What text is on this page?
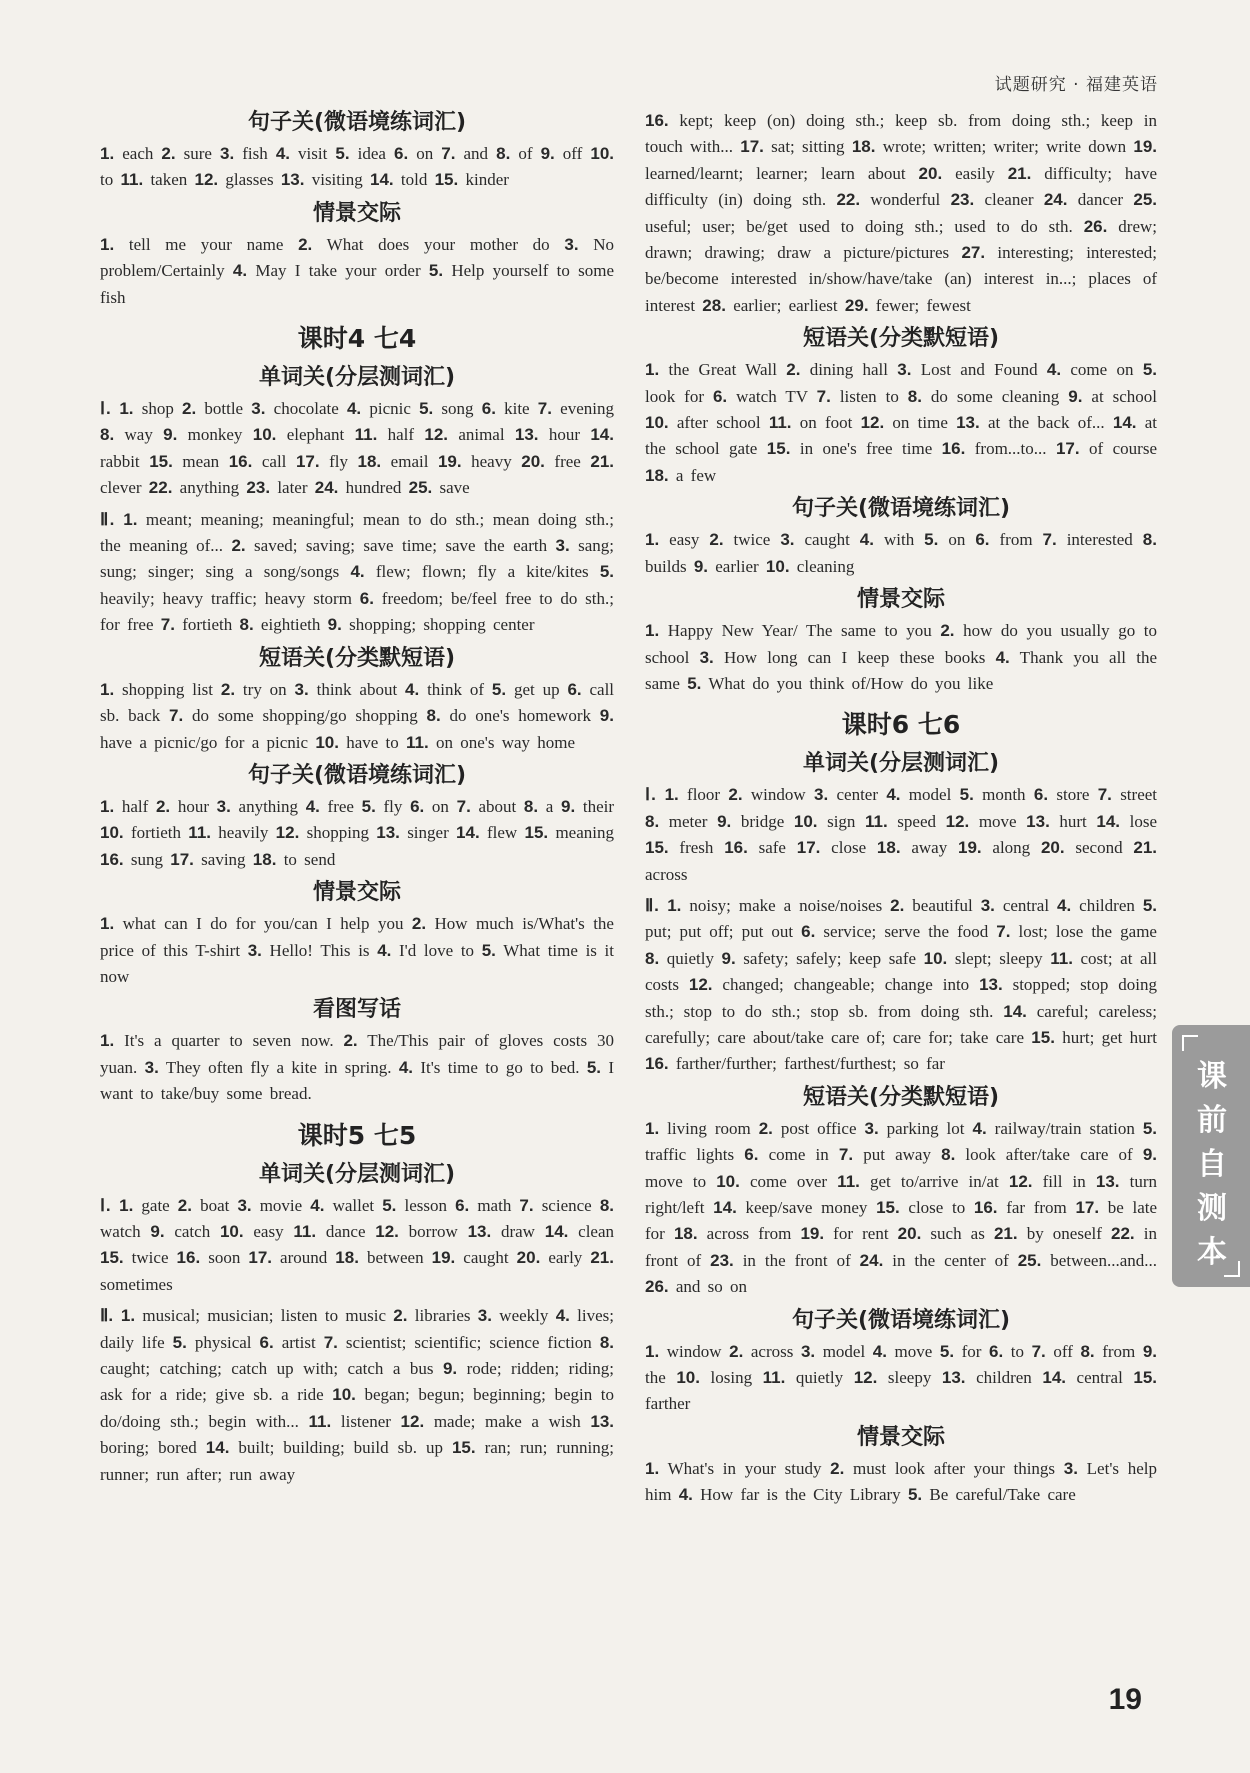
试题研究 · 福建英语
句子关(微语境练词汇)
1. each 2. sure 3. fish 4. visit 5. idea 6. on 7. and 8. of 9. off 10. to 11. taken 12. glasses 13. visiting 14. told 15. kinder
情景交际
1. tell me your name 2. What does your mother do 3. No problem/Certainly 4. May I take your order 5. Help yourself to some fish
课时4 七4
单词关(分层测词汇)
Ⅰ. 1. shop 2. bottle 3. chocolate 4. picnic 5. song 6. kite 7. evening 8. way 9. monkey 10. elephant 11. half 12. animal 13. hour 14. rabbit 15. mean 16. call 17. fly 18. email 19. heavy 20. free 21. clever 22. anything 23. later 24. hundred 25. save
Ⅱ. 1. meant; meaning; meaningful; mean to do sth.; mean doing sth.; the meaning of... 2. saved; saving; save time; save the earth 3. sang; sung; singer; sing a song/songs 4. flew; flown; fly a kite/kites 5. heavily; heavy traffic; heavy storm 6. freedom; be/feel free to do sth.; for free 7. fortieth 8. eightieth 9. shopping; shopping center
短语关(分类默短语)
1. shopping list 2. try on 3. think about 4. think of 5. get up 6. call sb. back 7. do some shopping/go shopping 8. do one's homework 9. have a picnic/go for a picnic 10. have to 11. on one's way home
句子关(微语境练词汇)
1. half 2. hour 3. anything 4. free 5. fly 6. on 7. about 8. a 9. their 10. fortieth 11. heavily 12. shopping 13. singer 14. flew 15. meaning 16. sung 17. saving 18. to send
情景交际
1. what can I do for you/can I help you 2. How much is/What's the price of this T-shirt 3. Hello! This is 4. I'd love to 5. What time is it now
看图写话
1. It's a quarter to seven now. 2. The/This pair of gloves costs 30 yuan. 3. They often fly a kite in spring. 4. It's time to go to bed. 5. I want to take/buy some bread.
课时5 七5
单词关(分层测词汇)
Ⅰ. 1. gate 2. boat 3. movie 4. wallet 5. lesson 6. math 7. science 8. watch 9. catch 10. easy 11. dance 12. borrow 13. draw 14. clean 15. twice 16. soon 17. around 18. between 19. caught 20. early 21. sometimes
Ⅱ. 1. musical; musician; listen to music 2. libraries 3. weekly 4. lives; daily life 5. physical 6. artist 7. scientist; scientific; science fiction 8. caught; catching; catch up with; catch a bus 9. rode; ridden; riding; ask for a ride; give sb. a ride 10. began; begun; beginning; begin to do/doing sth.; begin with... 11. listener 12. made; make a wish 13. boring; bored 14. built; building; build sb. up 15. ran; run; running; runner; run after; run away
16. kept; keep (on) doing sth.; keep sb. from doing sth.; keep in touch with... 17. sat; sitting 18. wrote; written; writer; write down 19. learned/learnt; learner; learn about 20. easily 21. difficulty; have difficulty (in) doing sth. 22. wonderful 23. cleaner 24. dancer 25. useful; user; be/get used to doing sth.; used to do sth. 26. drew; drawn; drawing; draw a picture/pictures 27. interesting; interested; be/become interested in/show/have/take (an) interest in...; places of interest 28. earlier; earliest 29. fewer; fewest
短语关(分类默短语)
1. the Great Wall 2. dining hall 3. Lost and Found 4. come on 5. look for 6. watch TV 7. listen to 8. do some cleaning 9. at school 10. after school 11. on foot 12. on time 13. at the back of... 14. at the school gate 15. in one's free time 16. from...to... 17. of course 18. a few
句子关(微语境练词汇)
1. easy 2. twice 3. caught 4. with 5. on 6. from 7. interested 8. builds 9. earlier 10. cleaning
情景交际
1. Happy New Year/ The same to you 2. how do you usually go to school 3. How long can I keep these books 4. Thank you all the same 5. What do you think of/How do you like
课时6 七6
单词关(分层测词汇)
Ⅰ. 1. floor 2. window 3. center 4. model 5. month 6. store 7. street 8. meter 9. bridge 10. sign 11. speed 12. move 13. hurt 14. lose 15. fresh 16. safe 17. close 18. away 19. along 20. second 21. across
Ⅱ. 1. noisy; make a noise/noises 2. beautiful 3. central 4. children 5. put; put off; put out 6. service; serve the food 7. lost; lose the game 8. quietly 9. safety; safely; keep safe 10. slept; sleepy 11. cost; at all costs 12. changed; changeable; change into 13. stopped; stop doing sth.; stop to do sth.; stop sb. from doing sth. 14. careful; careless; carefully; care about/take care of; care for; take care 15. hurt; get hurt 16. farther/further; farthest/furthest; so far
短语关(分类默短语)
1. living room 2. post office 3. parking lot 4. railway/train station 5. traffic lights 6. come in 7. put away 8. look after/take care of 9. move to 10. come over 11. get to/arrive in/at 12. fill in 13. turn right/left 14. keep/save money 15. close to 16. far from 17. be late for 18. across from 19. for rent 20. such as 21. by oneself 22. in front of 23. in the front of 24. in the center of 25. between...and... 26. and so on
句子关(微语境练词汇)
1. window 2. across 3. model 4. move 5. for 6. to 7. off 8. from 9. the 10. losing 11. quietly 12. sleepy 13. children 14. central 15. farther
情景交际
1. What's in your study 2. must look after your things 3. Let's help him 4. How far is the City Library 5. Be careful/Take care
课前自测本
19
